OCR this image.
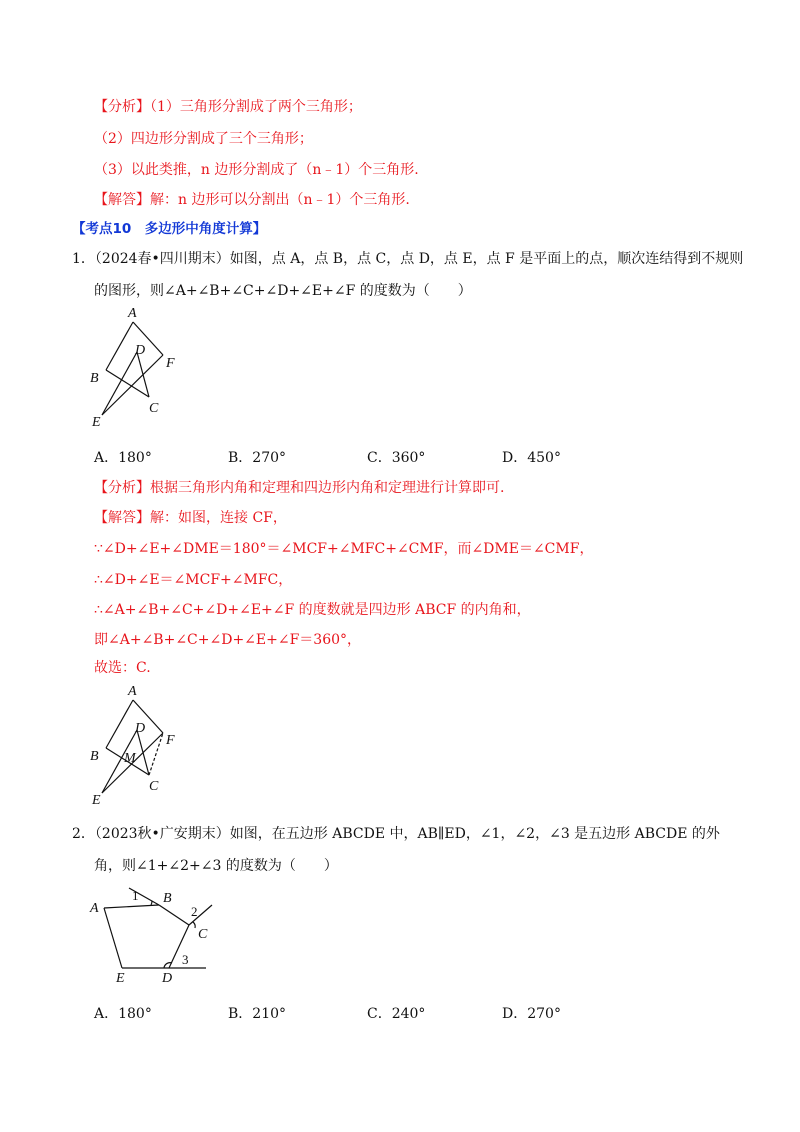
【分析】（1）三角形分割成了两个三角形；
（2）四边形分割成了三个三角形；
（3）以此类推，n 边形分割成了（n﹣1）个三角形.
【解答】解：n 边形可以分割出（n﹣1）个三角形.
【考点10　多边形中角度计算】
1．（2024春•四川期末）如图，点 A，点 B，点 C，点 D，点 E，点 F 是平面上的点，顺次连结得到不规则
的图形，则∠A+∠B+∠C+∠D+∠E+∠F 的度数为（　　）
A
B
C
D
E
F
A．180°	B．270°	C．360°	D．450°
【分析】根据三角形内角和定理和四边形内角和定理进行计算即可.
【解答】解：如图，连接 CF，
∵∠D+∠E+∠DME＝180°＝∠MCF+∠MFC+∠CMF，而∠DME＝∠CMF，
∴∠D+∠E＝∠MCF+∠MFC，
∴∠A+∠B+∠C+∠D+∠E+∠F 的度数就是四边形 ABCF 的内角和，
即∠A+∠B+∠C+∠D+∠E+∠F＝360°，
故选：C.
A
B
C
D
E
F
M
2．（2023秋•广安期末）如图，在五边形 ABCDE 中，AB∥ED，∠1，∠2，∠3 是五边形 ABCDE 的外
角，则∠1+∠2+∠3 的度数为（　　）
A
B
C
D
E
1
2
3
A．180°	B．210°	C．240°	D．270°
